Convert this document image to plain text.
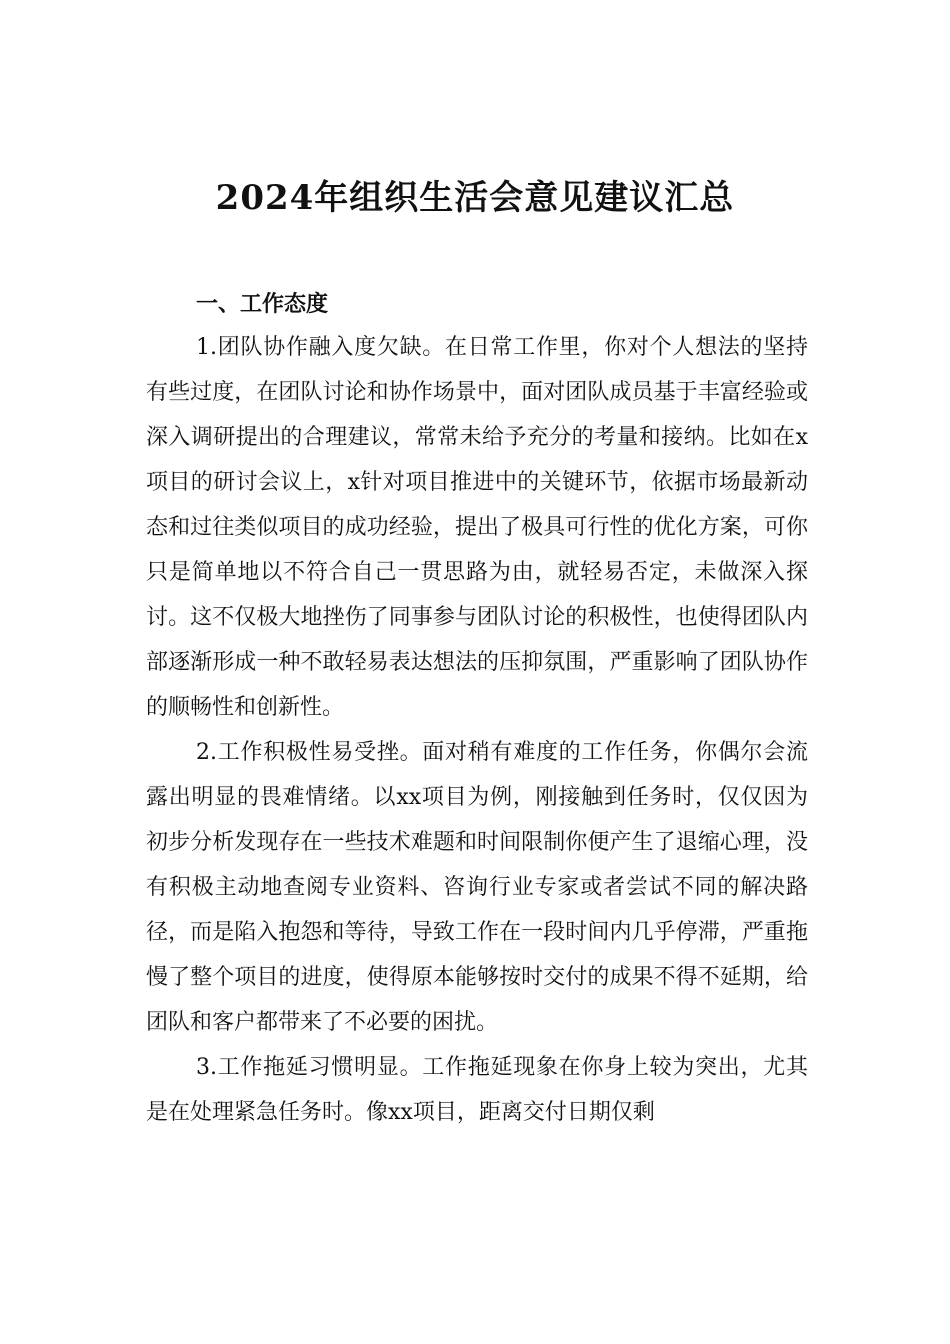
2024年组织生活会意见建议汇总
一、工作态度

1.团队协作融入度欠缺。在日常工作里，你对个人想法的坚持有些过度，在团队讨论和协作场景中，面对团队成员基于丰富经验或深入调研提出的合理建议，常常未给予充分的考量和接纳。比如在x项目的研讨会议上，x针对项目推进中的关键环节，依据市场最新动态和过往类似项目的成功经验，提出了极具可行性的优化方案，可你只是简单地以不符合自己一贯思路为由，就轻易否定，未做深入探讨。这不仅极大地挫伤了同事参与团队讨论的积极性，也使得团队内部逐渐形成一种不敢轻易表达想法的压抑氛围，严重影响了团队协作的顺畅性和创新性。

2.工作积极性易受挫。面对稍有难度的工作任务，你偶尔会流露出明显的畏难情绪。以xx项目为例，刚接触到任务时，仅仅因为初步分析发现存在一些技术难题和时间限制你便产生了退缩心理，没有积极主动地查阅专业资料、咨询行业专家或者尝试不同的解决路径，而是陷入抱怨和等待，导致工作在一段时间内几乎停滞，严重拖慢了整个项目的进度，使得原本能够按时交付的成果不得不延期，给团队和客户都带来了不必要的困扰。

3.工作拖延习惯明显。工作拖延现象在你身上较为突出，尤其是在处理紧急任务时。像xx项目，距离交付日期仅剩
